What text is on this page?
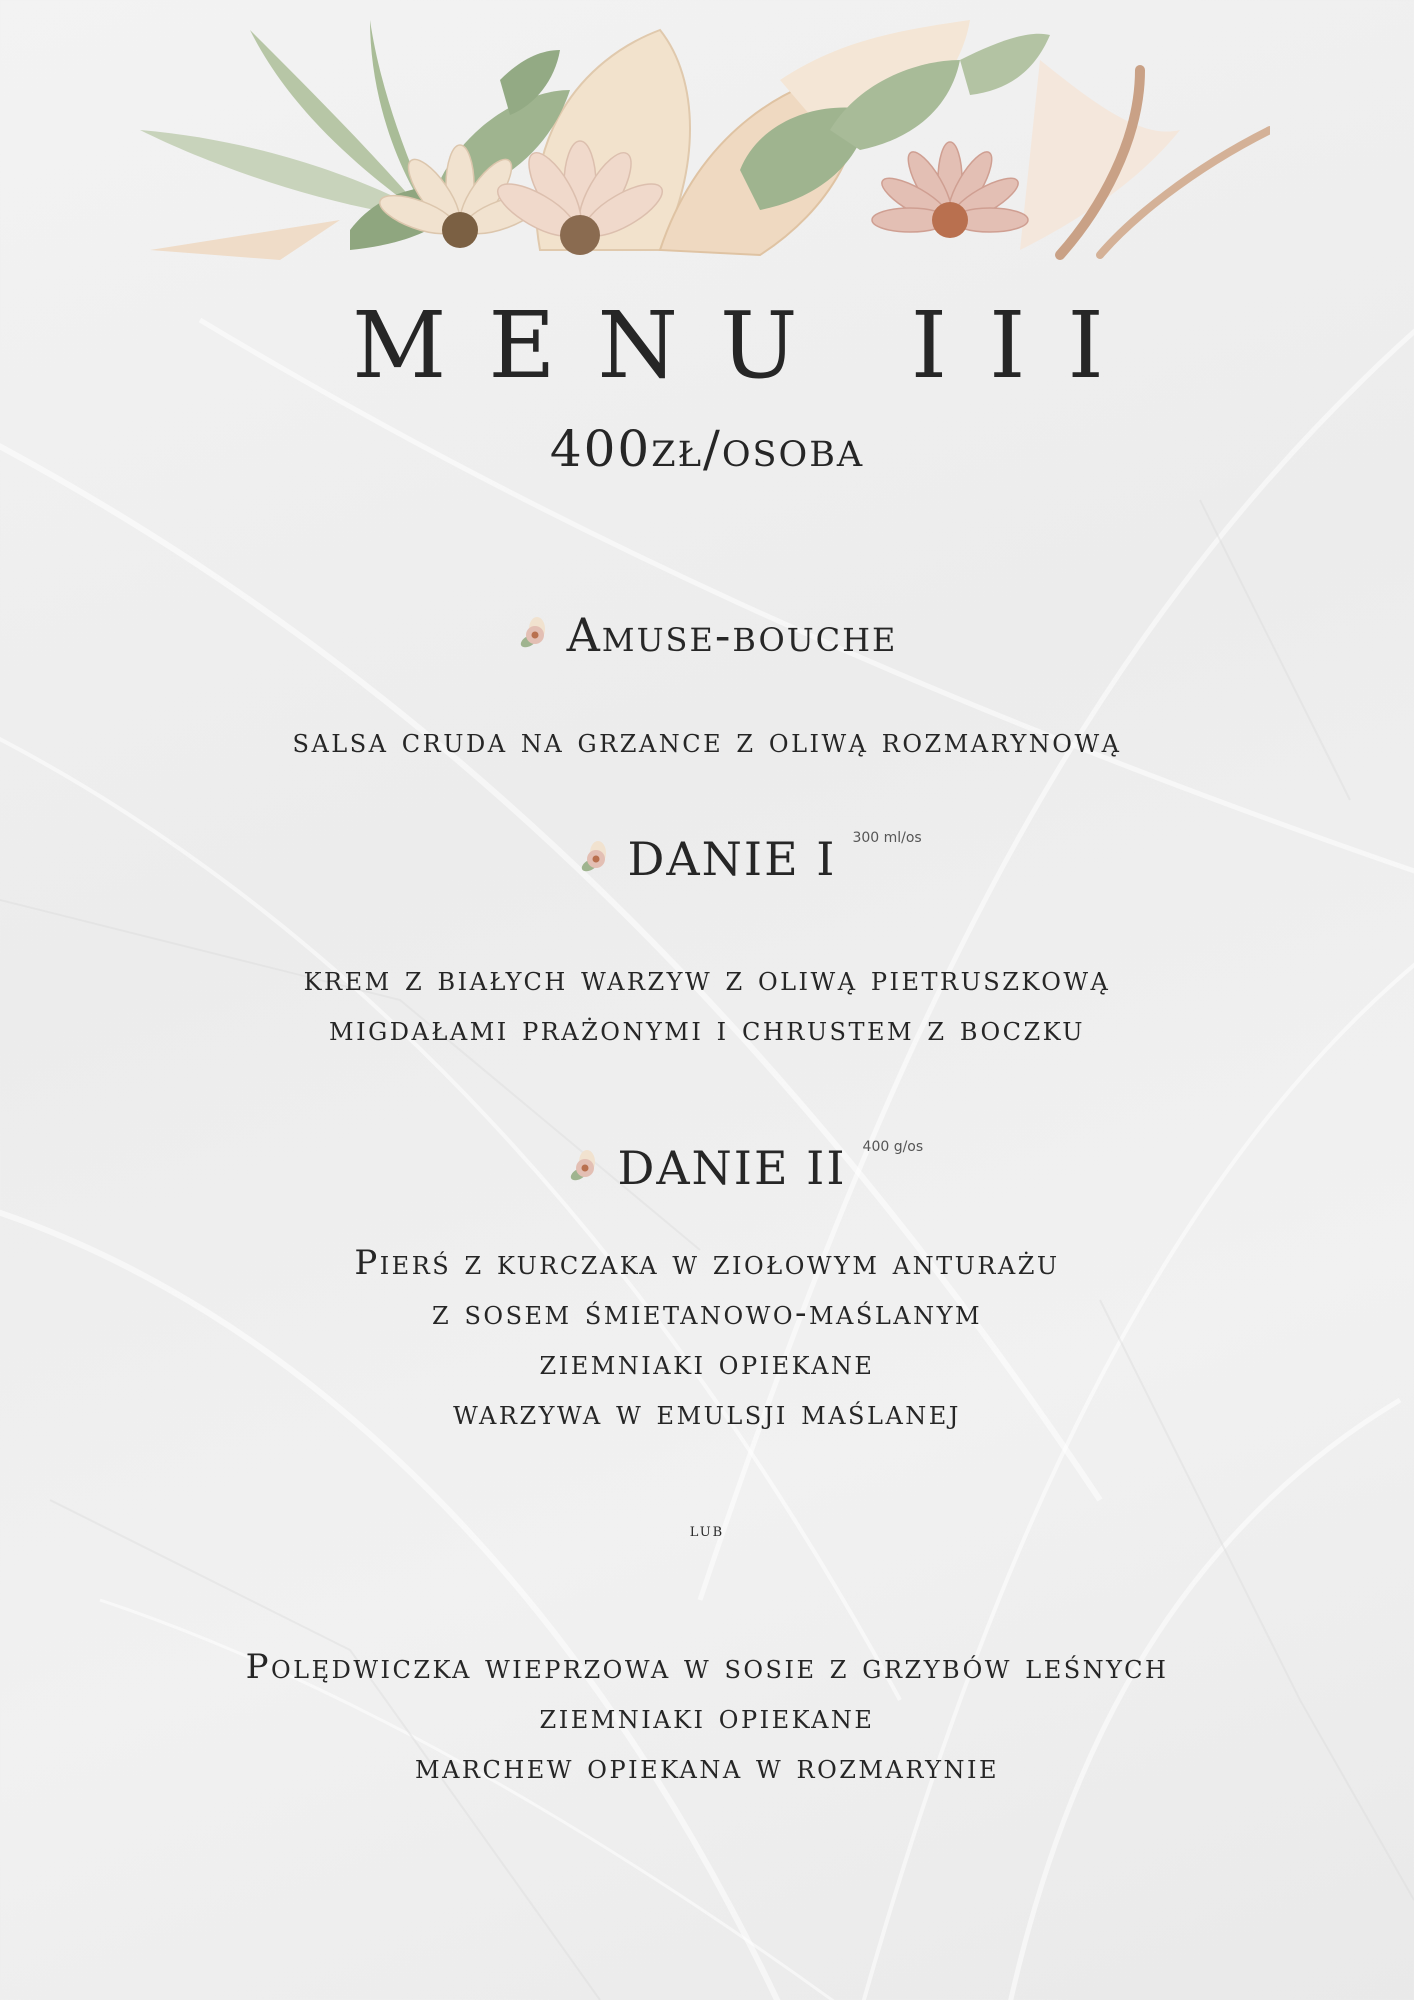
MENU III
400zł/osoba
Amuse-bouche
salsa cruda na grzance z oliwą rozmarynową
DANIE I 300 ml/os
krem z białych warzyw z oliwą pietruszkową
migdałami prażonymi i chrustem z boczku
DANIE II 400 g/os
Pierś z kurczaka w ziołowym anturażu
z sosem śmietanowo-maślanym
ziemniaki opiekane
warzywa w emulsji maślanej
lub
Polędwiczka wieprzowa w sosie z grzybów leśnych
ziemniaki opiekane
marchew opiekana w rozmarynie
